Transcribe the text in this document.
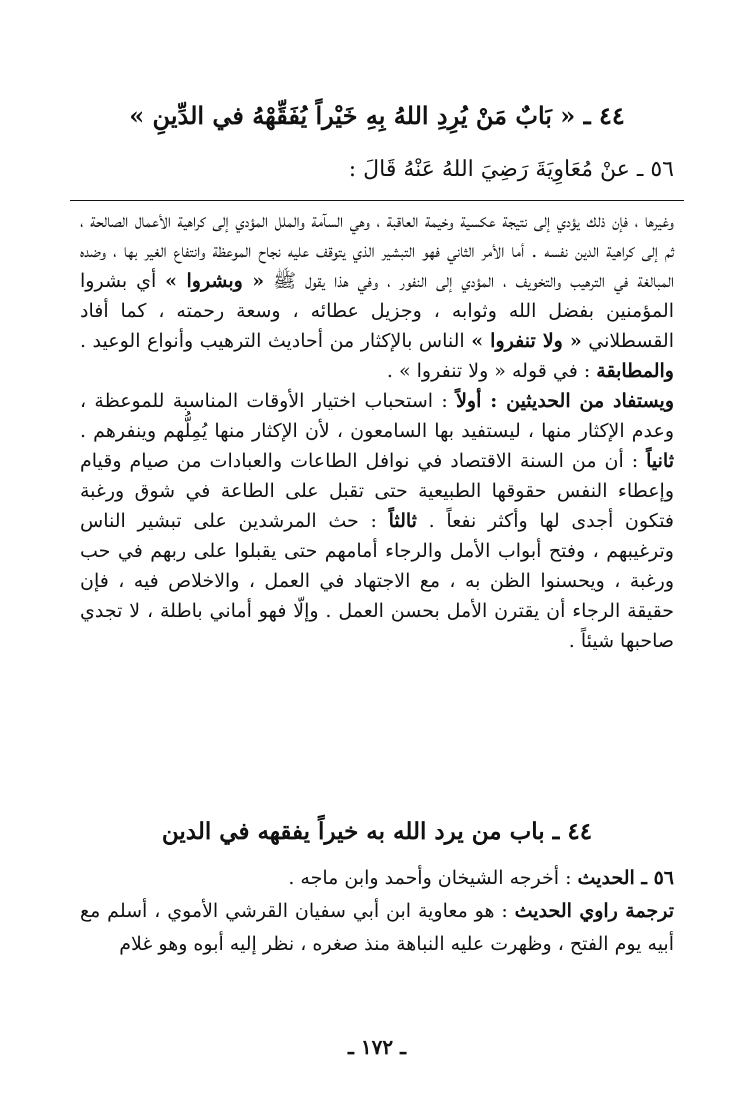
٤٤ ـ « بَابٌ مَنْ يُرِدِ اللهُ بِهِ خَيْراً يُفَقِّهْهُ في الدِّينِ »
٥٦ ـ عنْ مُعَاوِيَةَ رَضِيَ اللهُ عَنْهُ قَالَ :

وغيرها ، فإن ذلك يؤدي إلى نتيجة عكسية وخيمة العاقبة ، وهي السآمة والملل المؤدي إلى كراهية الأعمال الصالحة ، ثم إلى كراهية الدين نفسه . أما الأمر الثاني فهو التبشير الذي يتوقف عليه نجاح الموعظة وانتفاع الغير بها ، وضده المبالغة في الترهيب والتخويف ، المؤدي إلى النفور ، وفي هذا يقول ﷺ « وبشروا » أي بشروا المؤمنين بفضل الله وثوابه ، وجزيل عطائه ، وسعة رحمته ، كما أفاد القسطلاني « ولا تنفروا » الناس بالإكثار من أحاديث الترهيب وأنواع الوعيد . والمطابقة : في قوله « ولا تنفروا » .

ويستفاد من الحديثين : أولاً : استحباب اختيار الأوقات المناسبة للموعظة ، وعدم الإكثار منها ، ليستفيد بها السامعون ، لأن الإكثار منها يُمِلُّهم وينفرهم . ثانياً : أن من السنة الاقتصاد في نوافل الطاعات والعبادات من صيام وقيام وإعطاء النفس حقوقها الطبيعية حتى تقبل على الطاعة في شوق ورغبة فتكون أجدى لها وأكثر نفعاً . ثالثاً : حث المرشدين على تبشير الناس وترغيبهم ، وفتح أبواب الأمل والرجاء أمامهم حتى يقبلوا على ربهم في حب ورغبة ، ويحسنوا الظن به ، مع الاجتهاد في العمل ، والاخلاص فيه ، فإن حقيقة الرجاء أن يقترن الأمل بحسن العمل . وإلّا فهو أماني باطلة ، لا تجدي صاحبها شيئاً .

٤٤ ـ باب من يرد الله به خيراً يفقهه في الدين

٥٦ ـ الحديث : أخرجه الشيخان وأحمد وابن ماجه .

ترجمة راوي الحديث : هو معاوية ابن أبي سفيان القرشي الأموي ، أسلم مع أبيه يوم الفتح ، وظهرت عليه النباهة منذ صغره ، نظر إليه أبوه وهو غلام

ـ ١٧٢ ـ
